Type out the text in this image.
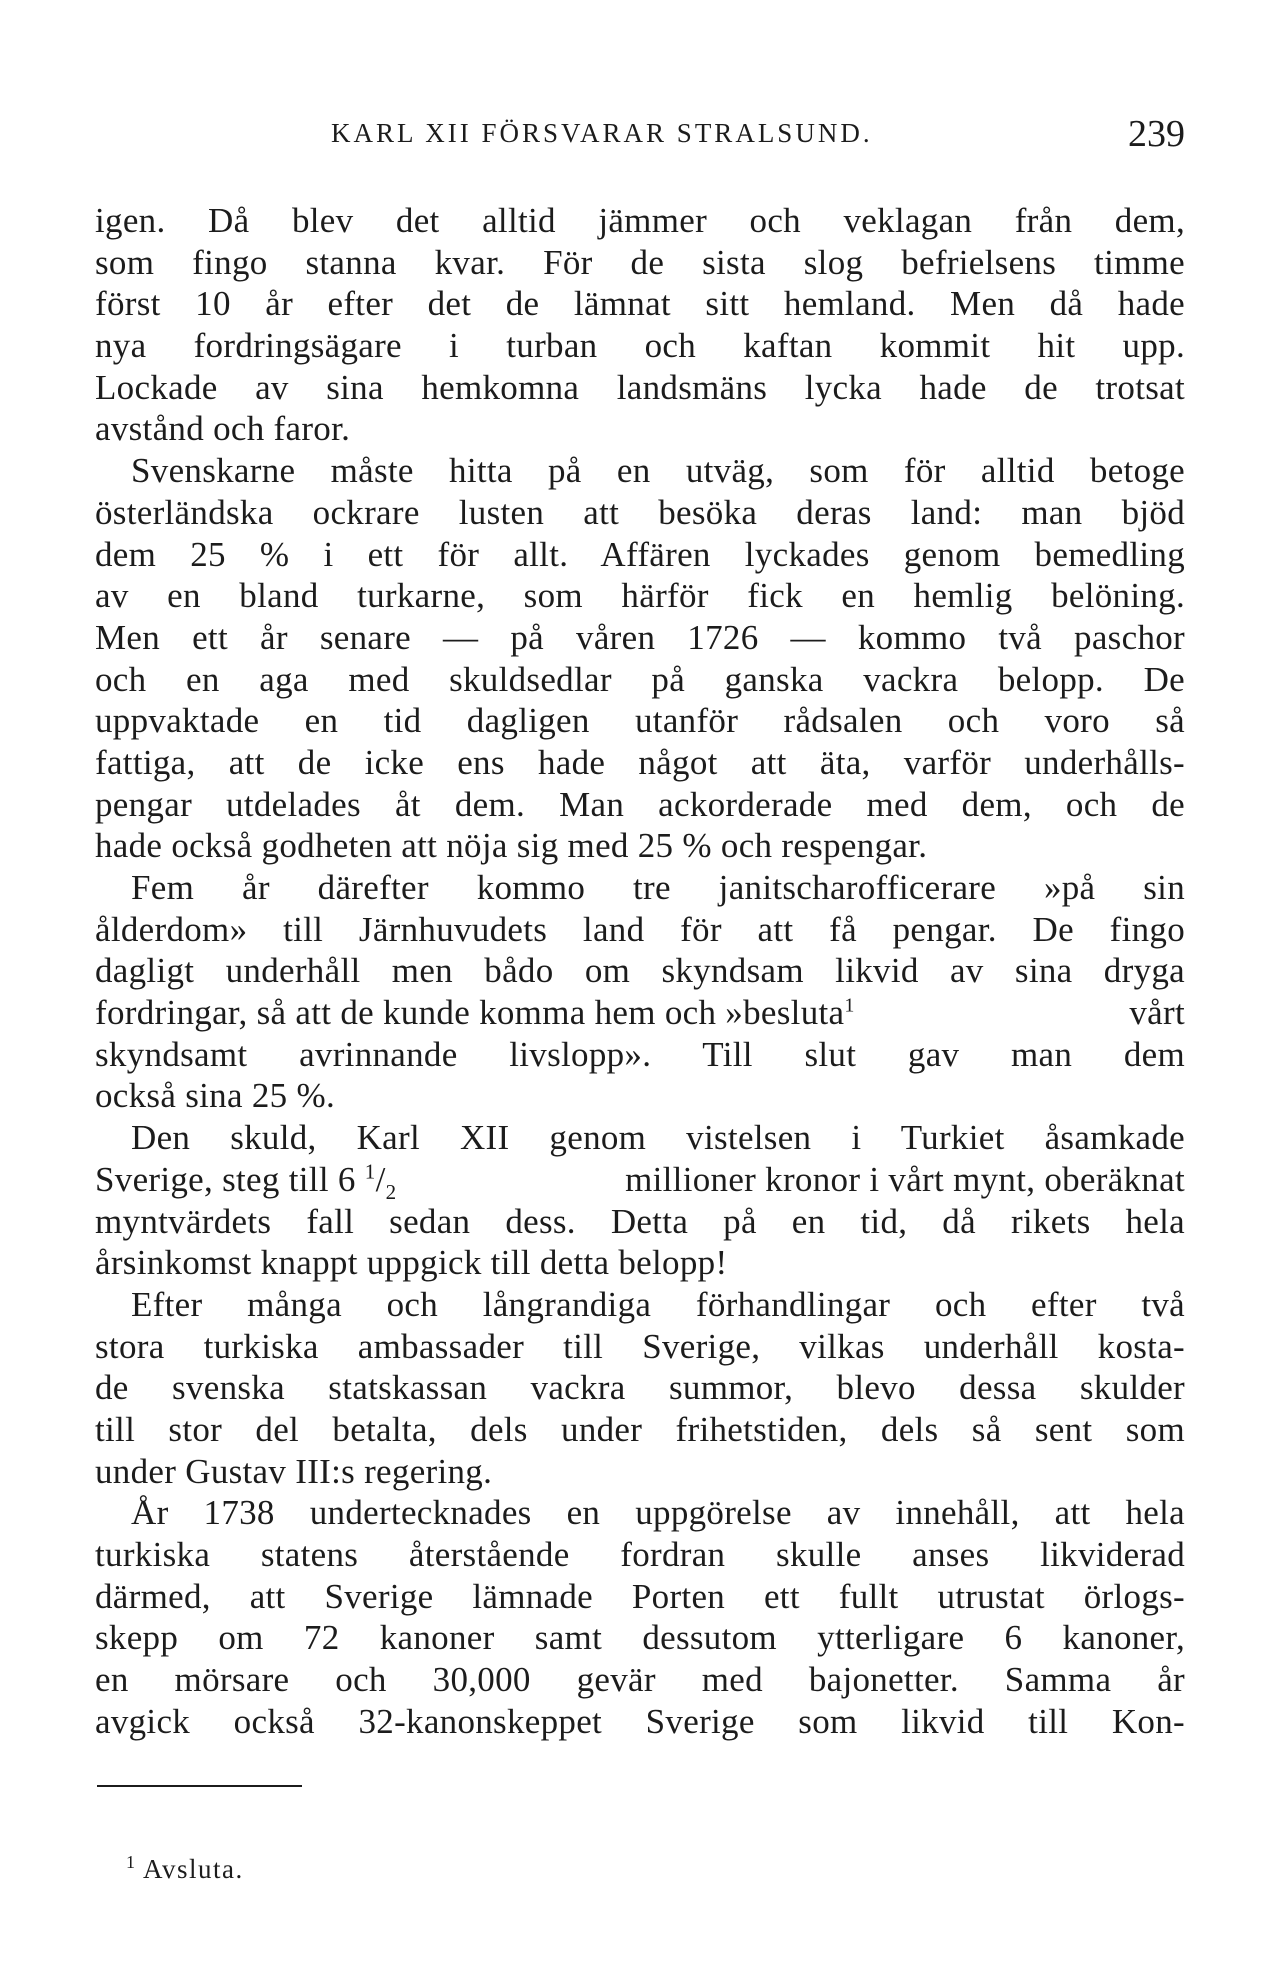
KARL XII FÖRSVARAR STRALSUND.	239
igen. Då blev det alltid jämmer och veklagan från dem,
som fingo stanna kvar. För de sista slog befrielsens timme
först 10 år efter det de lämnat sitt hemland. Men då hade
nya fordringsägare i turban och kaftan kommit hit upp.
Lockade av sina hemkomna landsmäns lycka hade de trotsat
avstånd och faror.
Svenskarne måste hitta på en utväg, som för alltid betoge
österländska ockrare lusten att besöka deras land: man bjöd
dem 25 % i ett för allt. Affären lyckades genom bemedling
av en bland turkarne, som härför fick en hemlig belöning.
Men ett år senare — på våren 1726 — kommo två paschor
och en aga med skuldsedlar på ganska vackra belopp. De
uppvaktade en tid dagligen utanför rådsalen och voro så
fattiga, att de icke ens hade något att äta, varför underhålls-
pengar utdelades åt dem. Man ackorderade med dem, och de
hade också godheten att nöja sig med 25 % och respengar.
Fem år därefter kommo tre janitscharofficerare »på sin
ålderdom» till Järnhuvudets land för att få pengar. De fingo
dagligt underhåll men bådo om skyndsam likvid av sina dryga
fordringar, så att de kunde komma hem och »besluta$^1$	vårt
skyndsamt avrinnande livslopp». Till slut gav man dem
också sina 25 %.
Den skuld, Karl XII genom vistelsen i Turkiet åsamkade
Sverige, steg till 6 $^1/_2$	millioner kronor i vårt mynt, oberäknat
myntvärdets fall sedan dess. Detta på en tid, då rikets hela
årsinkomst knappt uppgick till detta belopp!
Efter många och långrandiga förhandlingar och efter två
stora turkiska ambassader till Sverige, vilkas underhåll kosta-
de svenska statskassan vackra summor, blevo dessa skulder
till stor del betalta, dels under frihetstiden, dels så sent som
under Gustav III:s regering.
År 1738 undertecknades en uppgörelse av innehåll, att hela
turkiska statens återstående fordran skulle anses likviderad
därmed, att Sverige lämnade Porten ett fullt utrustat örlogs-
skepp om 72 kanoner samt dessutom ytterligare 6 kanoner,
en mörsare och 30,000 gevär med bajonetter. Samma år
avgick också 32-kanonskeppet Sverige som likvid till Kon-
$^1$ Avsluta.
